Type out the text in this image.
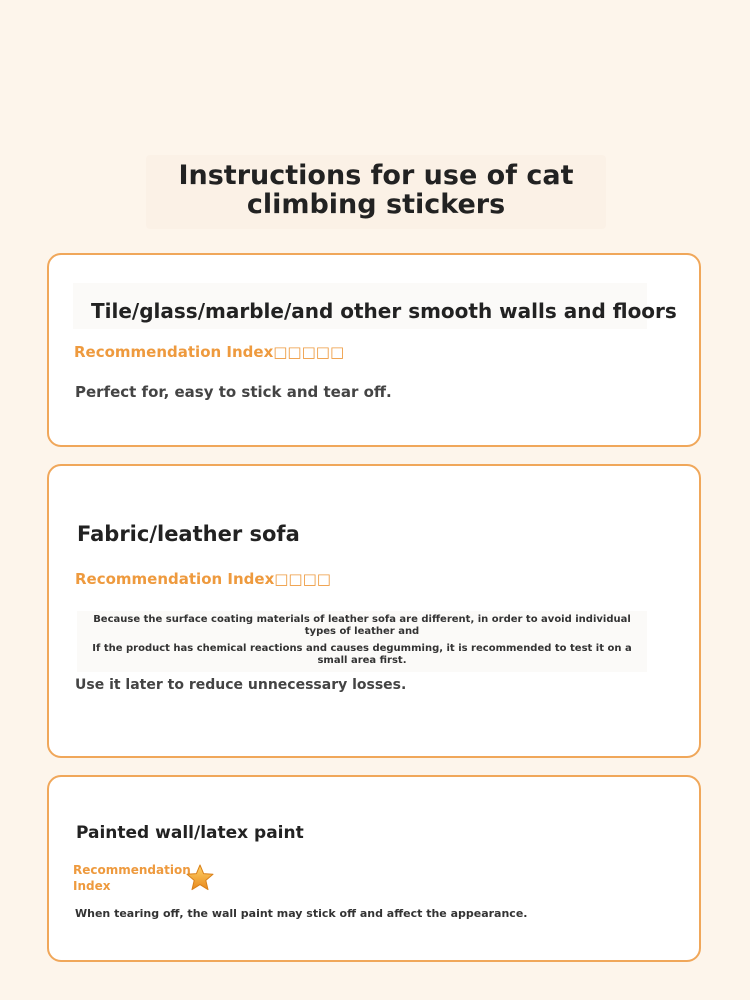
Instructions for use of cat climbing stickers
Tile/glass/marble/and other smooth walls and floors
Recommendation Index□□□□□
Perfect for, easy to stick and tear off.
Fabric/leather sofa
Recommendation Index□□□□
Because the surface coating materials of leather sofa are different, in order to avoid individual types of leather and
If the product has chemical reactions and causes degumming, it is recommended to test it on a small area first.
Use it later to reduce unnecessary losses.
Painted wall/latex paint
Recommendation Index
When tearing off, the wall paint may stick off and affect the appearance.
